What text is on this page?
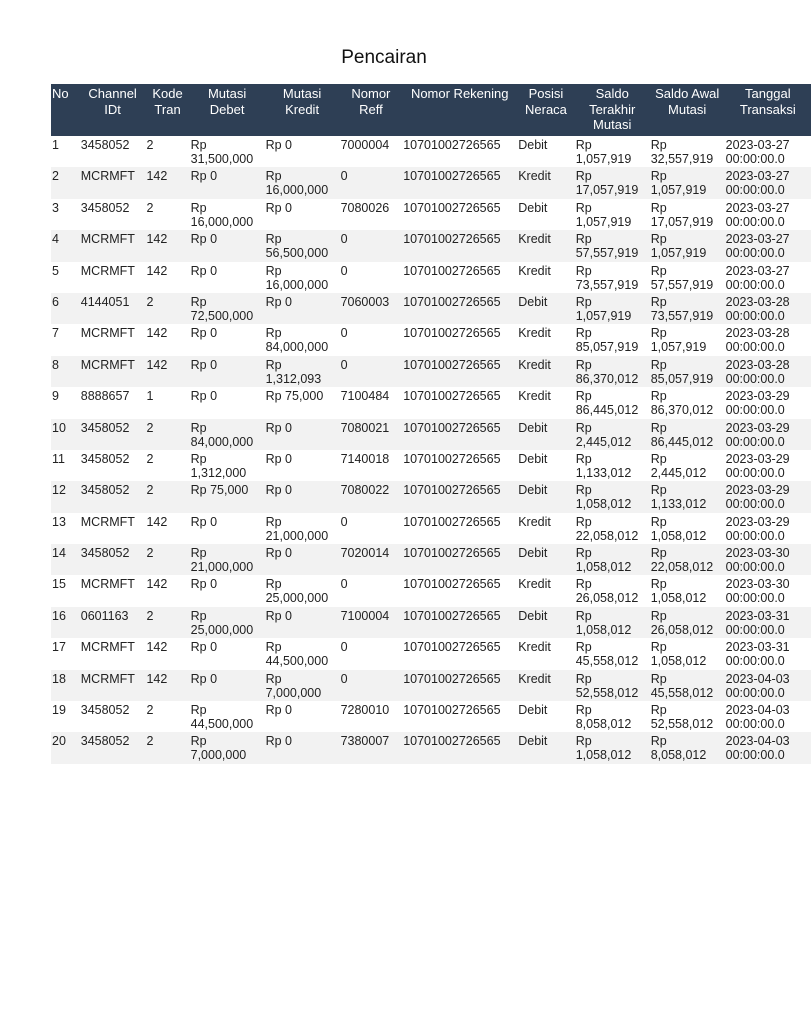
Pencairan
No	Channel IDt	Kode Tran	Mutasi Debet	Mutasi Kredit	Nomor Reff	Nomor Rekening	Posisi Neraca	Saldo Terakhir Mutasi	Saldo Awal Mutasi	Tanggal Transaksi
1	3458052	2	Rp 31,500,000	Rp 0	7000004	10701002726565	Debit	Rp 1,057,919	Rp 32,557,919	2023-03-27 00:00:00.0
2	MCRMFT	142	Rp 0	Rp 16,000,000	0	10701002726565	Kredit	Rp 17,057,919	Rp 1,057,919	2023-03-27 00:00:00.0
3	3458052	2	Rp 16,000,000	Rp 0	7080026	10701002726565	Debit	Rp 1,057,919	Rp 17,057,919	2023-03-27 00:00:00.0
4	MCRMFT	142	Rp 0	Rp 56,500,000	0	10701002726565	Kredit	Rp 57,557,919	Rp 1,057,919	2023-03-27 00:00:00.0
5	MCRMFT	142	Rp 0	Rp 16,000,000	0	10701002726565	Kredit	Rp 73,557,919	Rp 57,557,919	2023-03-27 00:00:00.0
6	4144051	2	Rp 72,500,000	Rp 0	7060003	10701002726565	Debit	Rp 1,057,919	Rp 73,557,919	2023-03-28 00:00:00.0
7	MCRMFT	142	Rp 0	Rp 84,000,000	0	10701002726565	Kredit	Rp 85,057,919	Rp 1,057,919	2023-03-28 00:00:00.0
8	MCRMFT	142	Rp 0	Rp 1,312,093	0	10701002726565	Kredit	Rp 86,370,012	Rp 85,057,919	2023-03-28 00:00:00.0
9	8888657	1	Rp 0	Rp 75,000	7100484	10701002726565	Kredit	Rp 86,445,012	Rp 86,370,012	2023-03-29 00:00:00.0
10	3458052	2	Rp 84,000,000	Rp 0	7080021	10701002726565	Debit	Rp 2,445,012	Rp 86,445,012	2023-03-29 00:00:00.0
11	3458052	2	Rp 1,312,000	Rp 0	7140018	10701002726565	Debit	Rp 1,133,012	Rp 2,445,012	2023-03-29 00:00:00.0
12	3458052	2	Rp 75,000	Rp 0	7080022	10701002726565	Debit	Rp 1,058,012	Rp 1,133,012	2023-03-29 00:00:00.0
13	MCRMFT	142	Rp 0	Rp 21,000,000	0	10701002726565	Kredit	Rp 22,058,012	Rp 1,058,012	2023-03-29 00:00:00.0
14	3458052	2	Rp 21,000,000	Rp 0	7020014	10701002726565	Debit	Rp 1,058,012	Rp 22,058,012	2023-03-30 00:00:00.0
15	MCRMFT	142	Rp 0	Rp 25,000,000	0	10701002726565	Kredit	Rp 26,058,012	Rp 1,058,012	2023-03-30 00:00:00.0
16	0601163	2	Rp 25,000,000	Rp 0	7100004	10701002726565	Debit	Rp 1,058,012	Rp 26,058,012	2023-03-31 00:00:00.0
17	MCRMFT	142	Rp 0	Rp 44,500,000	0	10701002726565	Kredit	Rp 45,558,012	Rp 1,058,012	2023-03-31 00:00:00.0
18	MCRMFT	142	Rp 0	Rp 7,000,000	0	10701002726565	Kredit	Rp 52,558,012	Rp 45,558,012	2023-04-03 00:00:00.0
19	3458052	2	Rp 44,500,000	Rp 0	7280010	10701002726565	Debit	Rp 8,058,012	Rp 52,558,012	2023-04-03 00:00:00.0
20	3458052	2	Rp 7,000,000	Rp 0	7380007	10701002726565	Debit	Rp 1,058,012	Rp 8,058,012	2023-04-03 00:00:00.0
